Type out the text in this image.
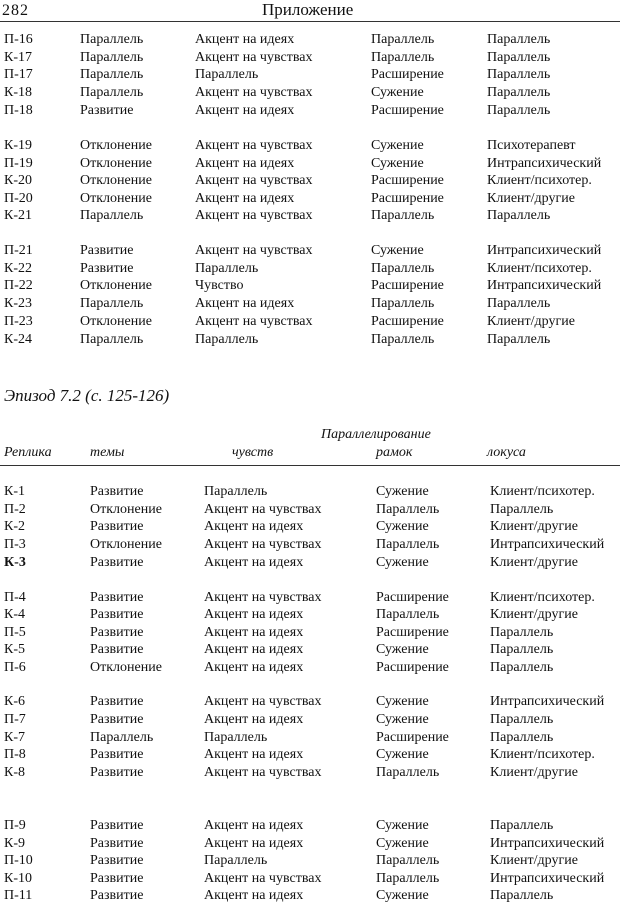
282	Приложение
П-16	Параллель	Акцент на идеях	Параллель	Параллель
К-17	Параллель	Акцент на чувствах	Параллель	Параллель
П-17	Параллель	Параллель	Расширение	Параллель
К-18	Параллель	Акцент на чувствах	Сужение	Параллель
П-18	Развитие	Акцент на идеях	Расширение	Параллель
К-19	Отклонение	Акцент на чувствах	Сужение	Психотерапевт
П-19	Отклонение	Акцент на идеях	Сужение	Интрапсихический
К-20	Отклонение	Акцент на чувствах	Расширение	Клиент/психотер.
П-20	Отклонение	Акцент на идеях	Расширение	Клиент/другие
К-21	Параллель	Акцент на чувствах	Параллель	Параллель
П-21	Развитие	Акцент на чувствах	Сужение	Интрапсихический
К-22	Развитие	Параллель	Параллель	Клиент/психотер.
П-22	Отклонение	Чувство	Расширение	Интрапсихический
К-23	Параллель	Акцент на идеях	Параллель	Параллель
П-23	Отклонение	Акцент на чувствах	Расширение	Клиент/другие
К-24	Параллель	Параллель	Параллель	Параллель
Эпизод 7.2 (с. 125-126)
Параллелирование
Реплика	темы	чувств	рамок	локуса
К-1	Развитие	Параллель	Сужение	Клиент/психотер.
П-2	Отклонение	Акцент на чувствах	Параллель	Параллель
К-2	Развитие	Акцент на идеях	Сужение	Клиент/другие
П-3	Отклонение	Акцент на чувствах	Параллель	Интрапсихический
К-3	Развитие	Акцент на идеях	Сужение	Клиент/другие
П-4	Развитие	Акцент на чувствах	Расширение	Клиент/психотер.
К-4	Развитие	Акцент на идеях	Параллель	Клиент/другие
П-5	Развитие	Акцент на идеях	Расширение	Параллель
К-5	Развитие	Акцент на идеях	Сужение	Параллель
П-6	Отклонение	Акцент на идеях	Расширение	Параллель
К-6	Развитие	Акцент на чувствах	Сужение	Интрапсихический
П-7	Развитие	Акцент на идеях	Сужение	Параллель
К-7	Параллель	Параллель	Расширение	Параллель
П-8	Развитие	Акцент на идеях	Сужение	Клиент/психотер.
К-8	Развитие	Акцент на чувствах	Параллель	Клиент/другие
П-9	Развитие	Акцент на идеях	Сужение	Параллель
К-9	Развитие	Акцент на идеях	Сужение	Интрапсихический
П-10	Развитие	Параллель	Параллель	Клиент/другие
К-10	Развитие	Акцент на чувствах	Параллель	Интрапсихический
П-11	Развитие	Акцент на идеях	Сужение	Параллель
